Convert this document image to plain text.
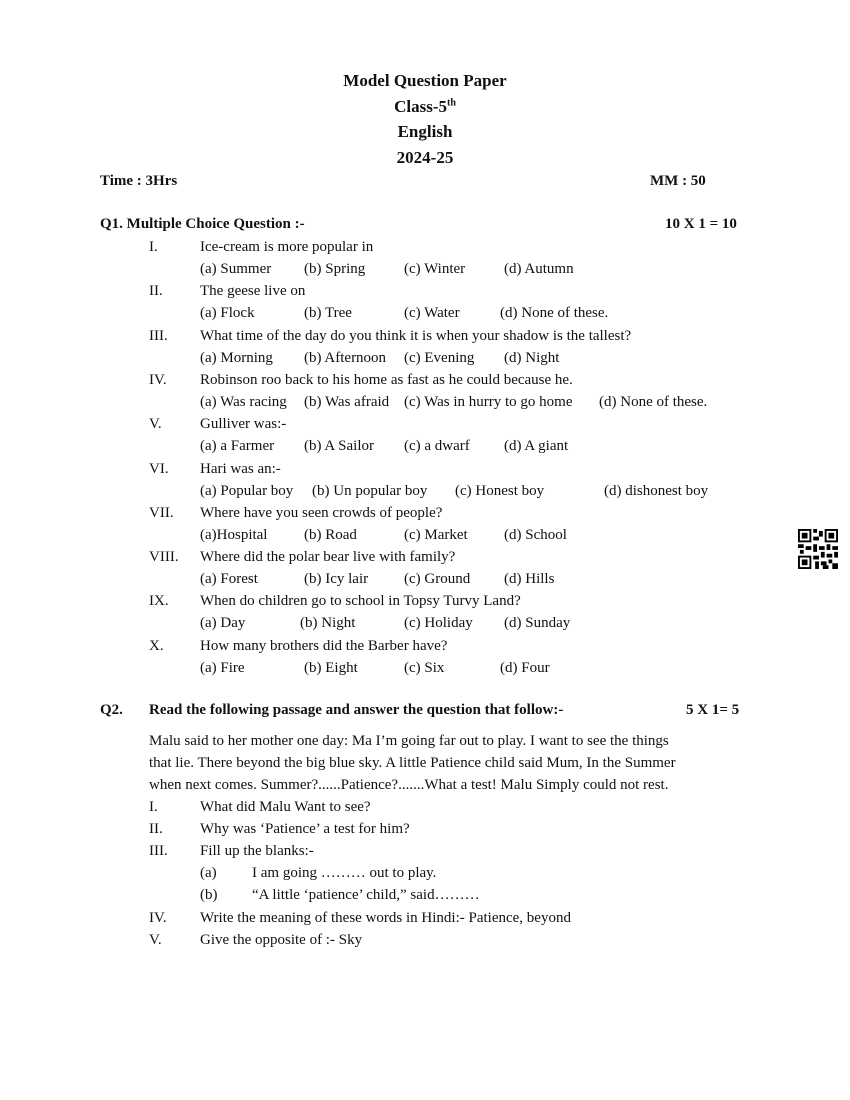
Model Question Paper
Class-5th
English
2024-25
Time : 3Hrs	MM : 50
Q1. Multiple Choice Question :-	10 X 1 = 10
I.	Ice-cream is more popular in
(a) Summer (b) Spring	(c) Winter	(d) Autumn
II. The geese live on
(a) Flock	(b) Tree	(c) Water	(d) None of these.
III. What time of the day do you think it is when your shadow is the tallest?
(a) Morning (b) Afternoon (c) Evening (d) Night
IV. Robinson roo back to his home as fast as he could because he.
(a) Was racing (b) Was afraid (c) Was in hurry to go home (d) None of these.
V.	Gulliver was:-
(a) a Farmer (b) A Sailor (c) a dwarf (d) A giant
VI. Hari was an:-
(a) Popular boy (b) Un popular boy (c) Honest boy	(d) dishonest boy
VII. Where have you seen crowds of people?
(a)Hospital (b) Road	(c) Market (d) School
VIII. Where did the polar bear live with family?
(a) Forest	(b) Icy lair (c) Ground (d) Hills
IX. When do children go to school in Topsy Turvy Land?
(a) Day	(b) Night	(c) Holiday (d) Sunday
X. How many brothers did the Barber have?
(a) Fire	(b) Eight	(c) Six	(d) Four
Q2. Read the following passage and answer the question that follow:-	5 X 1= 5
Malu said to her mother one day: Ma I’m going far out to play. I want to see the things
that lie. There beyond the big blue sky. A little Patience child said Mum, In the Summer
when next comes. Summer?......Patience?.......What a test! Malu Simply could not rest.
I.	What did Malu Want to see?
II. Why was ‘Patience’ a test for him?
III. Fill up the blanks:-
(a) I am going ……… out to play.
(b) “A little ‘patience’ child,” said………
IV. Write the meaning of these words in Hindi:- Patience, beyond
V.	Give the opposite of :- Sky
